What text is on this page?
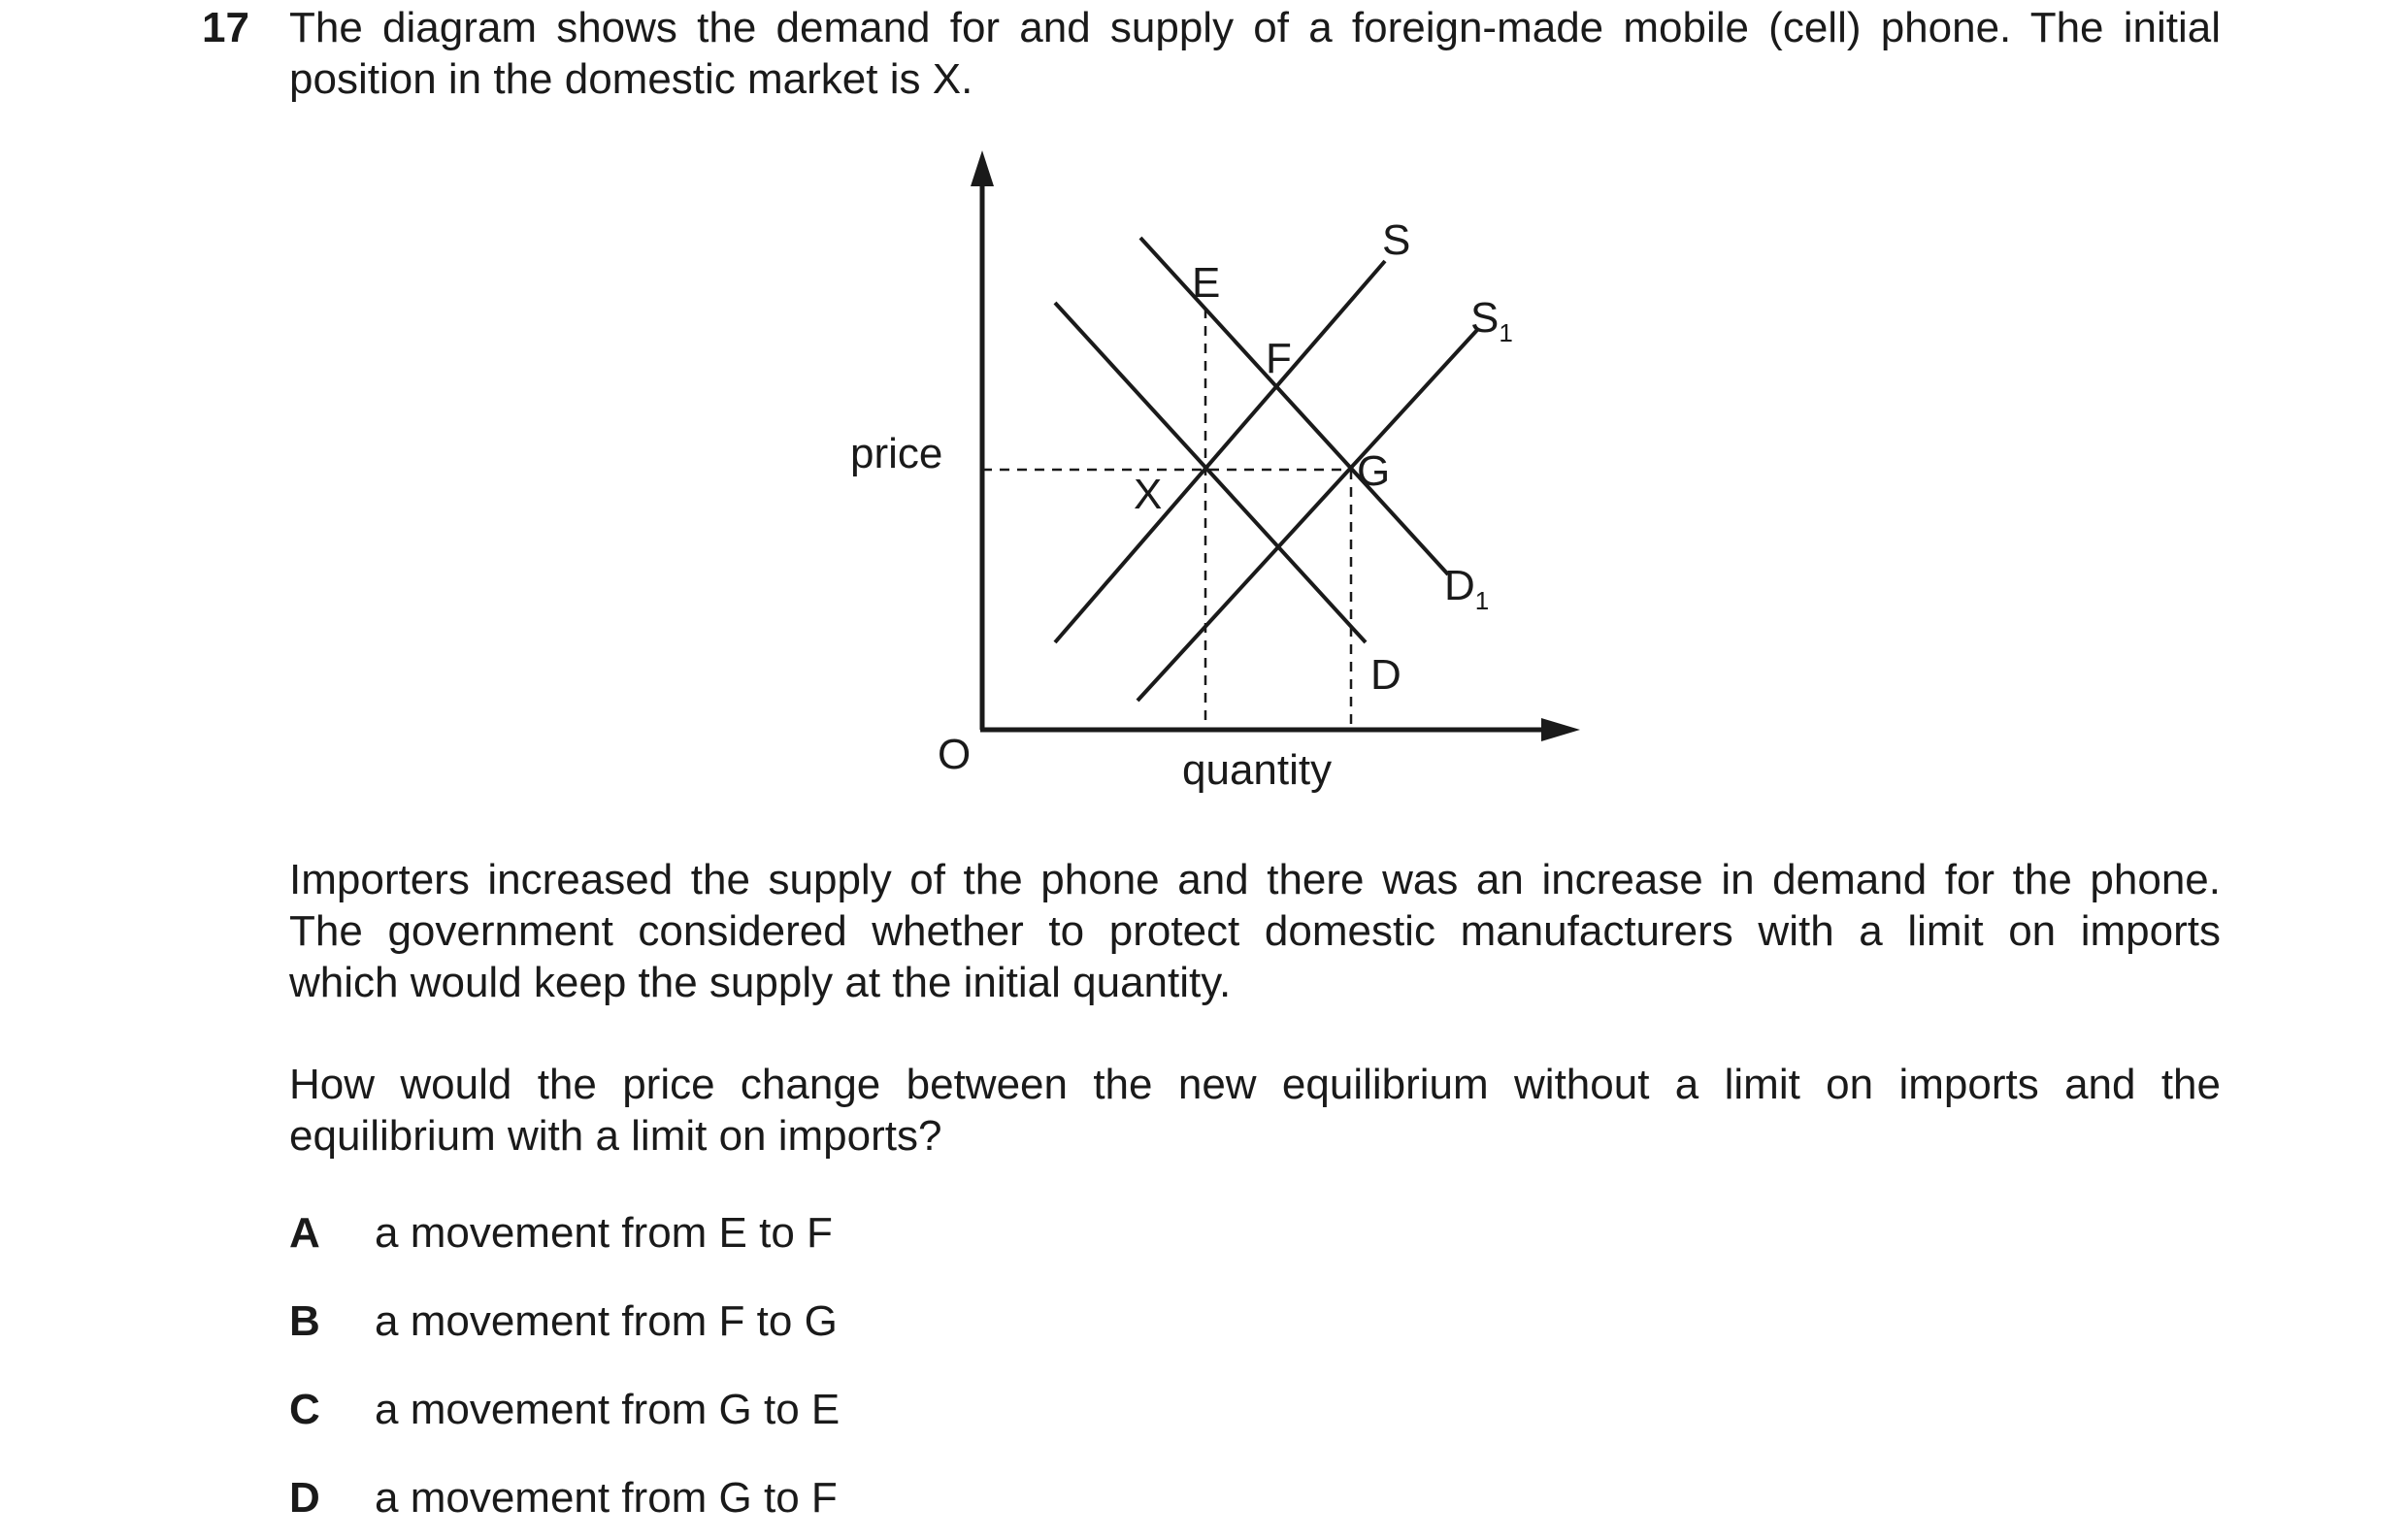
17 The diagram shows the demand for and supply of a foreign-made mobile (cell) phone. The initial
position in the domestic market is X.
price
quantity
O
S
$S_1$
D
$D_1$
X
E
F
G
Importers increased the supply of the phone and there was an increase in demand for the phone.
The government considered whether to protect domestic manufacturers with a limit on imports
which would keep the supply at the initial quantity.
How would the price change between the new equilibrium without a limit on imports and the
equilibrium with a limit on imports?
A a movement from E to F
B a movement from F to G
C a movement from G to E
D a movement from G to F
